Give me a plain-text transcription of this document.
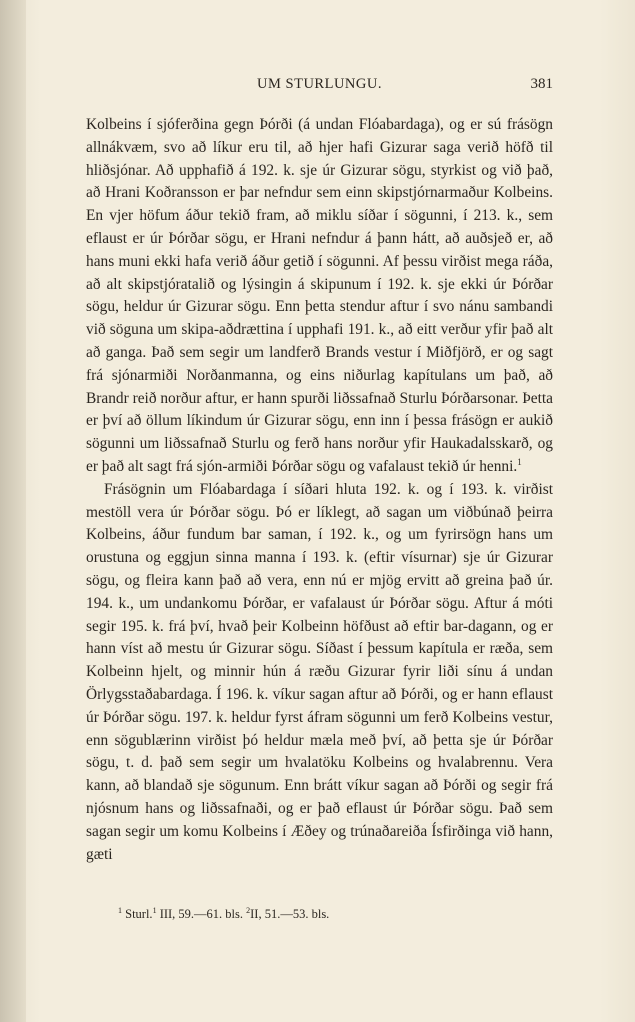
UM STURLUNGU.	381

Kolbeins í sjóferðina gegn Þórði (á undan Flóabardaga), og er sú frásögn allnákvæm, svo að líkur eru til, að hjer hafi Gizurar saga verið höfð til hliðsjónar. Að upphafið á 192. k. sje úr Gizurar sögu, styrkist og við það, að Hrani Koðransson er þar nefndur sem einn skipstjórnarmaður Kolbeins. En vjer höfum áður tekið fram, að miklu síðar í sögunni, í 213. k., sem eflaust er úr Þórðar sögu, er Hrani nefndur á þann hátt, að auðsjeð er, að hans muni ekki hafa verið áður getið í sögunni. Af þessu virðist mega ráða, að alt skipstjóratalið og lýsingin á skipunum í 192. k. sje ekki úr Þórðar sögu, heldur úr Gizurar sögu. Enn þetta stendur aftur í svo nánu sambandi við söguna um skipa-aðdrættina í upphafi 191. k., að eitt verður yfir það alt að ganga. Það sem segir um landferð Brands vestur í Miðfjörð, er og sagt frá sjónarmiði Norðanmanna, og eins niðurlag kapítulans um það, að Brandr reið norður aftur, er hann spurði liðssafnað Sturlu Þórðarsonar. Þetta er því að öllum líkindum úr Gizurar sögu, enn inn í þessa frásögn er aukið sögunni um liðssafnað Sturlu og ferð hans norður yfir Haukadalsskarð, og er það alt sagt frá sjón-armiði Þórðar sögu og vafalaust tekið úr henni.$^1$

Frásögnin um Flóabardaga í síðari hluta 192. k. og í 193. k. virðist mestöll vera úr Þórðar sögu. Þó er líklegt, að sagan um viðbúnað þeirra Kolbeins, áður fundum bar saman, í 192. k., og um fyrirsögn hans um orustuna og eggjun sinna manna í 193. k. (eftir vísurnar) sje úr Gizurar sögu, og fleira kann það að vera, enn nú er mjög ervitt að greina það úr. 194. k., um undankomu Þórðar, er vafalaust úr Þórðar sögu. Aftur á móti segir 195. k. frá því, hvað þeir Kolbeinn höfðust að eftir bar-dagann, og er hann víst að mestu úr Gizurar sögu. Síðast í þessum kapítula er ræða, sem Kolbeinn hjelt, og minnir hún á ræðu Gizurar fyrir liði sínu á undan Örlygsstaðabardaga. Í 196. k. víkur sagan aftur að Þórði, og er hann eflaust úr Þórðar sögu. 197. k. heldur fyrst áfram sögunni um ferð Kolbeins vestur, enn sögublærinn virðist þó heldur mæla með því, að þetta sje úr Þórðar sögu, t. d. það sem segir um hvalatöku Kolbeins og hvalabrennu. Vera kann, að blandað sje sögunum. Enn brátt víkur sagan að Þórði og segir frá njósnum hans og liðssafnaði, og er það eflaust úr Þórðar sögu. Það sem sagan segir um komu Kolbeins í Æðey og trúnaðareiða Ísfirðinga við hann, gæti

$^1$ Sturl.$^1$ III, 59.—61. bls. $^2$II, 51.—53. bls.
